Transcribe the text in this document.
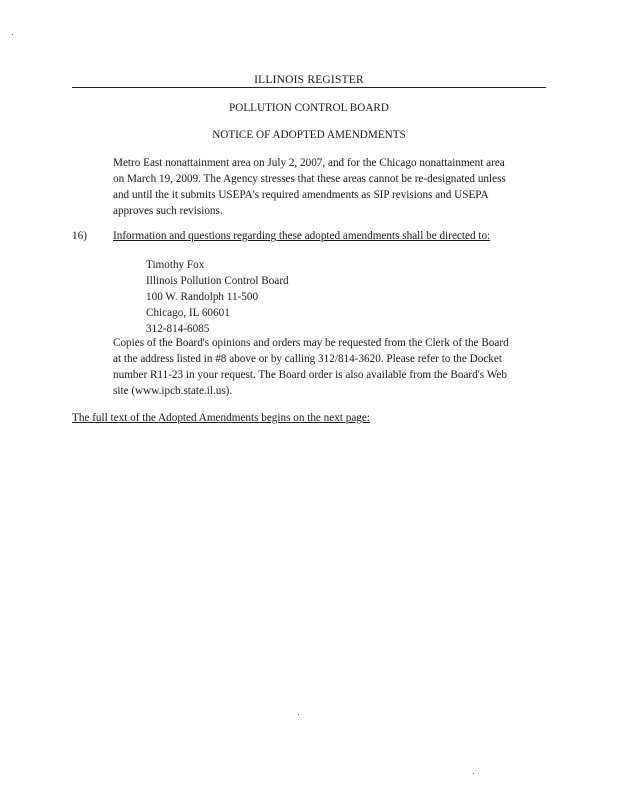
ILLINOIS REGISTER
POLLUTION CONTROL BOARD
NOTICE OF ADOPTED AMENDMENTS

Metro East nonattainment area on July 2, 2007, and for the Chicago nonattainment area
on March 19, 2009. The Agency stresses that these areas cannot be re-designated unless
and until the it submits USEPA's required amendments as SIP revisions and USEPA
approves such revisions.

16) Information and questions regarding these adopted amendments shall be directed to:
Timothy Fox
Illinois Pollution Control Board
100 W. Randolph 11-500
Chicago, IL 60601
312-814-6085

Copies of the Board's opinions and orders may be requested from the Clerk of the Board
at the address listed in #8 above or by calling 312/814-3620. Please refer to the Docket
number R11-23 in your request. The Board order is also available from the Board's Web
site (www.ipcb.state.il.us).

The full text of the Adopted Amendments begins on the next page:
